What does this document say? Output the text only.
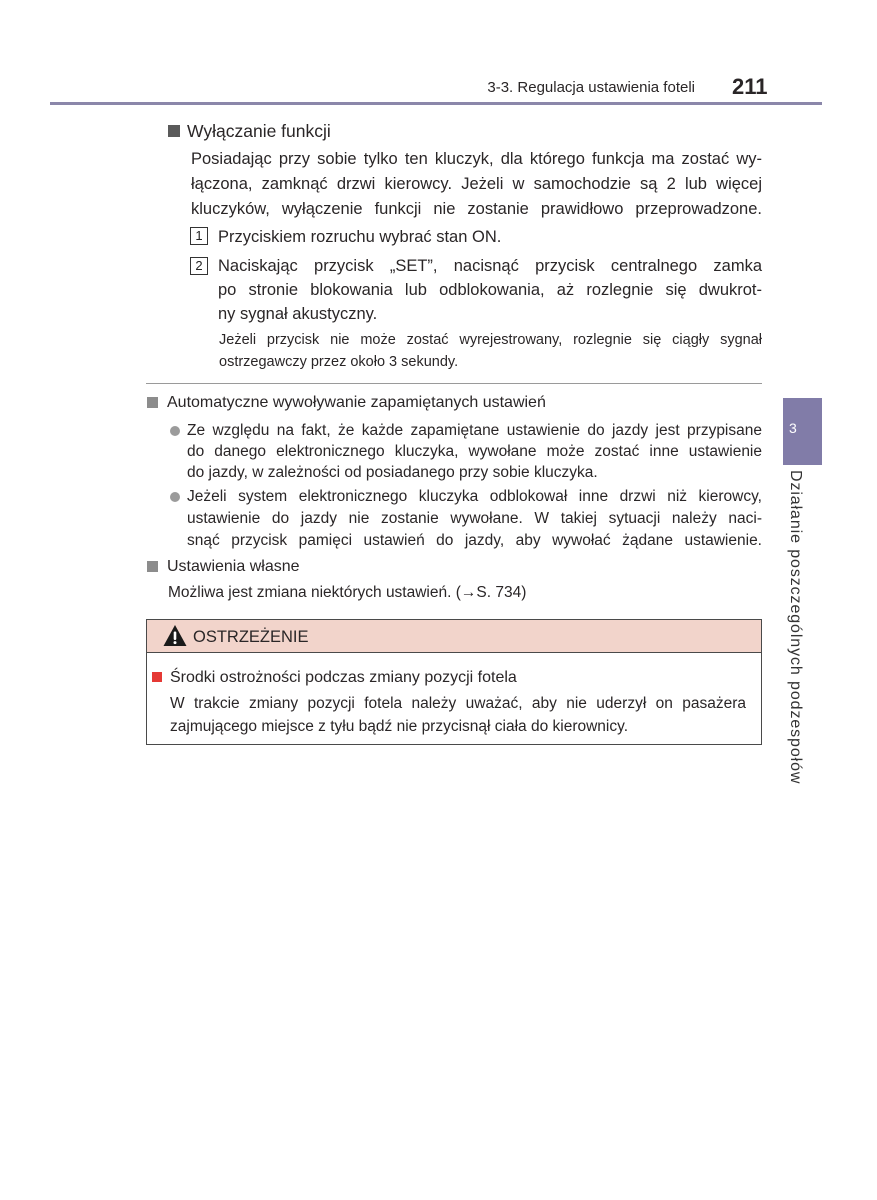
3-3. Regulacja ustawienia foteli 211
3
Działanie poszczególnych podzespołów
Wyłączanie funkcji
Posiadając przy sobie tylko ten kluczyk, dla którego funkcja ma zostać wy-
łączona, zamknąć drzwi kierowcy. Jeżeli w samochodzie są 2 lub więcej
kluczyków, wyłączenie funkcji nie zostanie prawidłowo przeprowadzone.
1 Przyciskiem rozruchu wybrać stan ON.
2 Naciskając przycisk „SET”, nacisnąć przycisk centralnego zamka
po stronie blokowania lub odblokowania, aż rozlegnie się dwukrot-
ny sygnał akustyczny.
Jeżeli przycisk nie może zostać wyrejestrowany, rozlegnie się ciągły sygnał
ostrzegawczy przez około 3 sekundy.
Automatyczne wywoływanie zapamiętanych ustawień
Ze względu na fakt, że każde zapamiętane ustawienie do jazdy jest przypisane
do danego elektronicznego kluczyka, wywołane może zostać inne ustawienie
do jazdy, w zależności od posiadanego przy sobie kluczyka.
Jeżeli system elektronicznego kluczyka odblokował inne drzwi niż kierowcy,
ustawienie do jazdy nie zostanie wywołane. W takiej sytuacji należy naci-
snąć przycisk pamięci ustawień do jazdy, aby wywołać żądane ustawienie.
Ustawienia własne
Możliwa jest zmiana niektórych ustawień. (→S. 734)
OSTRZEŻENIE
Środki ostrożności podczas zmiany pozycji fotela
W trakcie zmiany pozycji fotela należy uważać, aby nie uderzył on pasażera
zajmującego miejsce z tyłu bądź nie przycisnął ciała do kierownicy.
